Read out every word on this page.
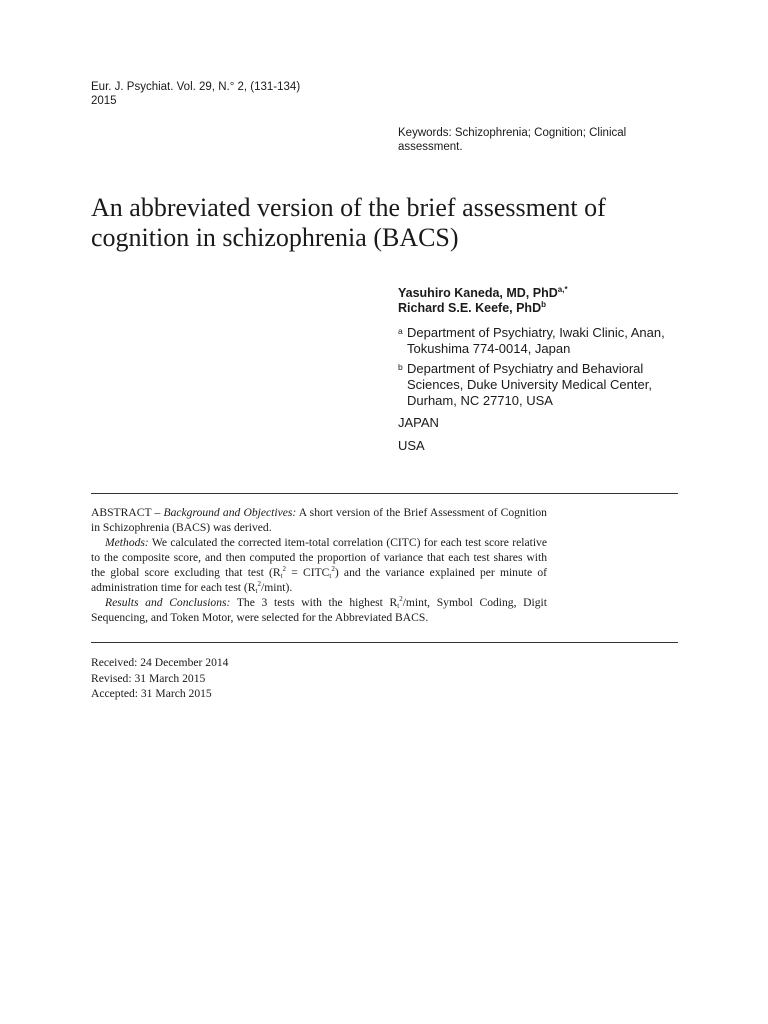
Eur. J. Psychiat. Vol. 29, N.° 2, (131-134)
2015
Keywords: Schizophrenia; Cognition; Clinical assessment.
An abbreviated version of the brief assessment of cognition in schizophrenia (BACS)
Yasuhiro Kaneda, MD, PhD$^{a,*}$
Richard S.E. Keefe, PhD$^b$
a Department of Psychiatry, Iwaki Clinic, Anan, Tokushima 774-0014, Japan
b Department of Psychiatry and Behavioral Sciences, Duke University Medical Center, Durham, NC 27710, USA
JAPAN
USA

ABSTRACT – Background and Objectives: A short version of the Brief Assessment of Cognition in Schizophrenia (BACS) was derived.

Methods: We calculated the corrected item-total correlation (CITC) for each test score relative to the composite score, and then computed the proportion of variance that each test shares with the global score excluding that test ($R_t^2$ = $CITC_t^2$) and the variance explained per minute of administration time for each test $(R_t^2/\min t)$.

Results and Conclusions: The 3 tests with the highest $R_t^2$/mint, Symbol Coding, Digit Sequencing, and Token Motor, were selected for the Abbreviated BACS.

Received: 24 December 2014
Revised: 31 March 2015
Accepted: 31 March 2015
